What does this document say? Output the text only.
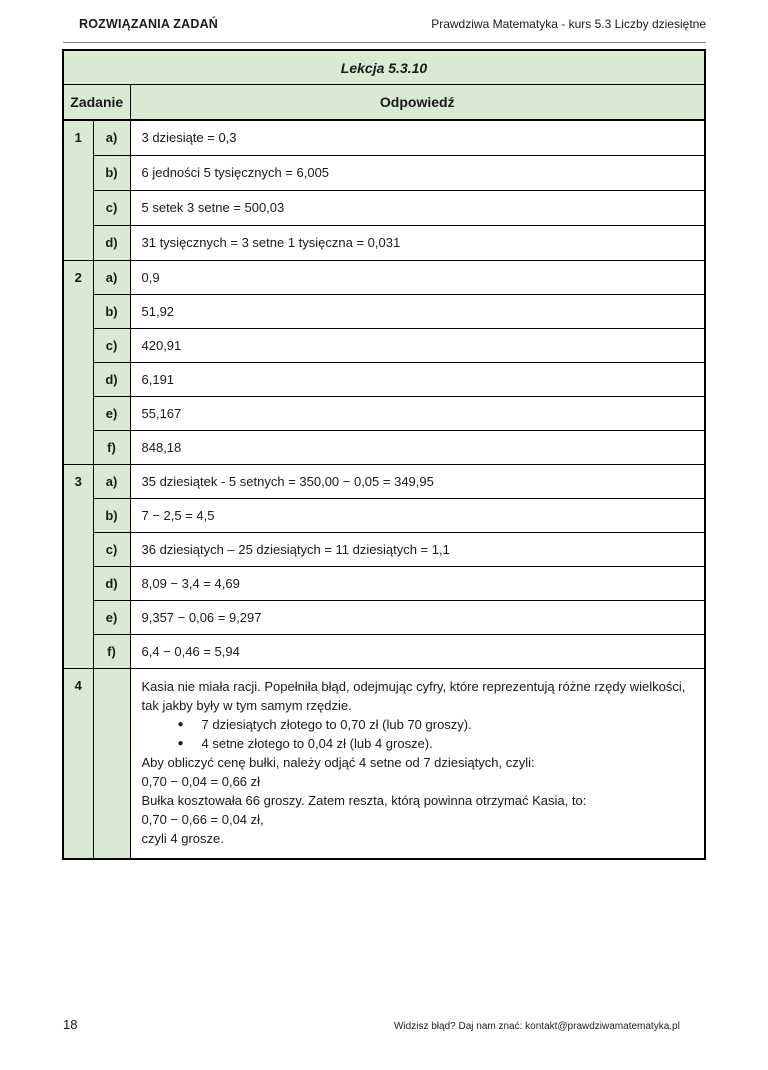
ROZWIĄZANIA ZADAŃ	Prawdziwa Matematyka - kurs 5.3 Liczby dziesiętne
Lekcja 5.3.10		
Zadanie		Odpowiedź
1	a)	3 dziesiąte = 0,3
	b)	6 jedności 5 tysięcznych = 6,005
	c)	5 setek 3 setne = 500,03
	d)	31 tysięcznych = 3 setne 1 tysięczna = 0,031
2	a)	0,9
	b)	51,92
	c)	420,91
	d)	6,191
	e)	55,167
	f)	848,18
3	a)	35 dziesiątek - 5 setnych = 350,00 − 0,05 = 349,95
	b)	7 − 2,5 = 4,5
	c)	36 dziesiątych – 25 dziesiątych = 11 dziesiątych = 1,1
	d)	8,09 − 3,4 = 4,69
	e)	9,357 − 0,06 = 9,297
	f)	6,4 − 0,46 = 5,94
4		Kasia nie miała racji. Popełniła błąd, odejmując cyfry, które reprezentują różne rzędy wielkości, tak jakby były w tym samym rzędzie.

● 7 dziesiątych złotego to 0,70 zł (lub 70 groszy).
● 4 setne złotego to 0,04 zł (lub 4 grosze).

Aby obliczyć cenę bułki, należy odjąć 4 setne od 7 dziesiątych, czyli:

0,70 − 0,04 = 0,66 zł

Bułka kosztowała 66 groszy. Zatem reszta, którą powinna otrzymać Kasia, to:

0,70 − 0,66 = 0,04 zł,

czyli 4 grosze.

18	Widzisz błąd? Daj nam znać: kontakt@prawdziwamatematyka.pl
